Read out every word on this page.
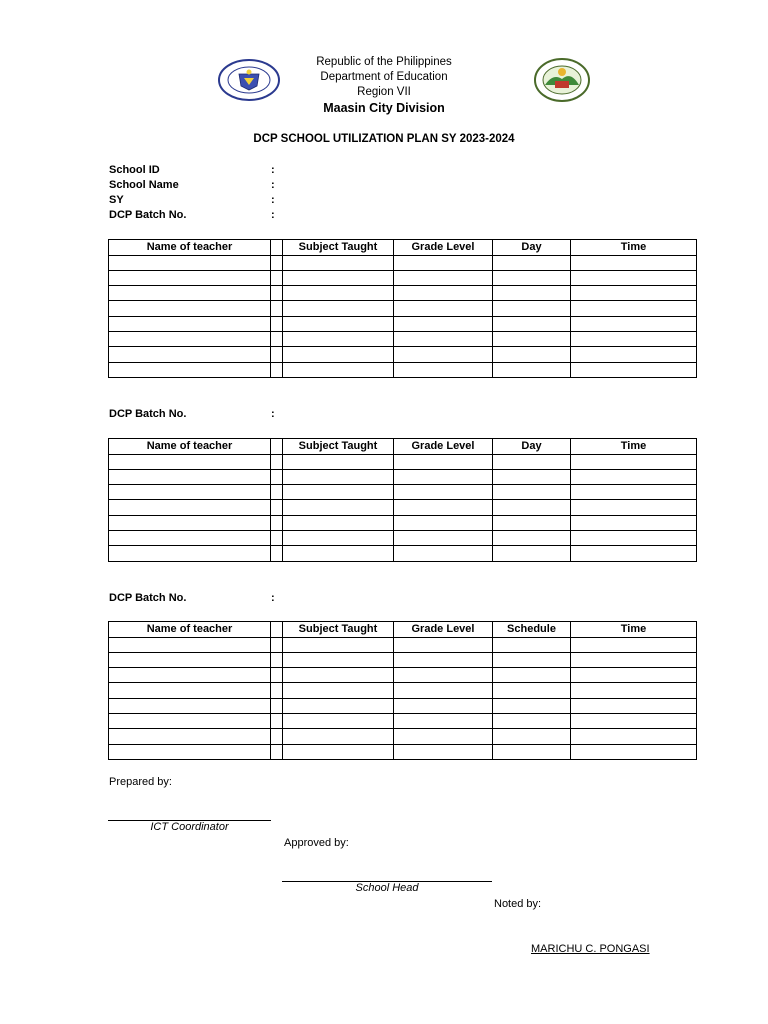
Republic of the Philippines
Department of Education
Region VII
Maasin City Division
DCP SCHOOL UTILIZATION PLAN SY 2023-2024
School ID	:
School Name	:
SY	:
DCP Batch No.	:
Name of teacher		Subject Taught	Grade Level	Day	Time

DCP Batch No.	:
Name of teacher		Subject Taught	Grade Level	Day	Time

DCP Batch No.	:
Name of teacher		Subject Taught	Grade Level	Schedule	Time

Prepared by:
ICT Coordinator
Approved by:
School Head
Noted by:
MARICHU C. PONGASI
